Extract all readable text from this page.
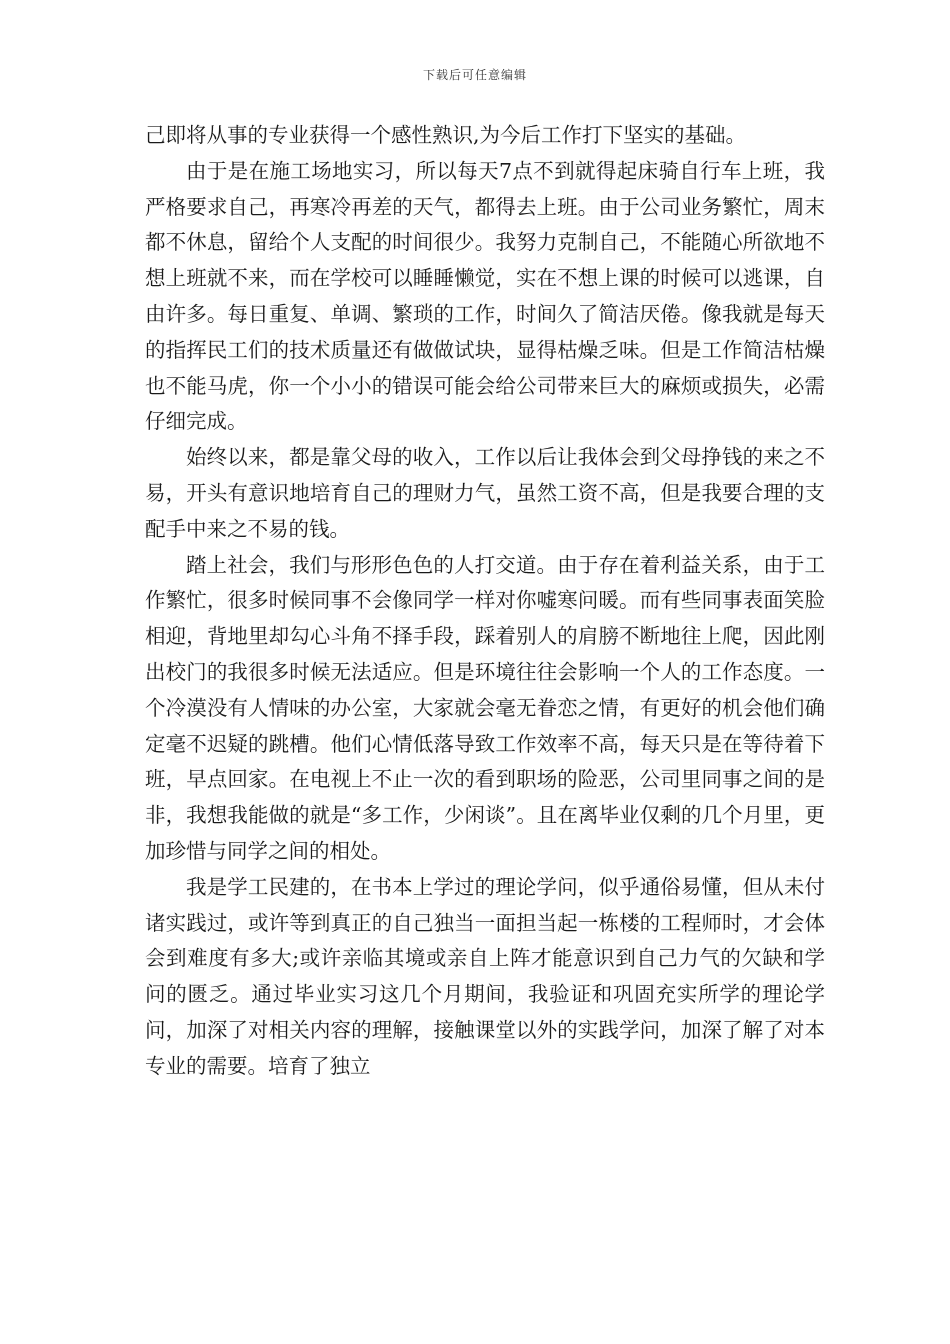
下载后可任意编辑

己即将从事的专业获得一个感性熟识,为今后工作打下坚实的基础。

由于是在施工场地实习，所以每天7点不到就得起床骑自行车上班，我严格要求自己，再寒冷再差的天气，都得去上班。由于公司业务繁忙，周末都不休息，留给个人支配的时间很少。我努力克制自己，不能随心所欲地不想上班就不来，而在学校可以睡睡懒觉，实在不想上课的时候可以逃课，自由许多。每日重复、单调、繁琐的工作，时间久了简洁厌倦。像我就是每天的指挥民工们的技术质量还有做做试块，显得枯燥乏味。但是工作简洁枯燥也不能马虎，你一个小小的错误可能会给公司带来巨大的麻烦或损失，必需仔细完成。

始终以来，都是靠父母的收入，工作以后让我体会到父母挣钱的来之不易，开头有意识地培育自己的理财力气，虽然工资不高，但是我要合理的支配手中来之不易的钱。

踏上社会，我们与形形色色的人打交道。由于存在着利益关系，由于工作繁忙，很多时候同事不会像同学一样对你嘘寒问暖。而有些同事表面笑脸相迎，背地里却勾心斗角不择手段，踩着别人的肩膀不断地往上爬，因此刚出校门的我很多时候无法适应。但是环境往往会影响一个人的工作态度。一个冷漠没有人情味的办公室，大家就会毫无眷恋之情，有更好的机会他们确定毫不迟疑的跳槽。他们心情低落导致工作效率不高，每天只是在等待着下班，早点回家。在电视上不止一次的看到职场的险恶，公司里同事之间的是非，我想我能做的就是“多工作，少闲谈”。且在离毕业仅剩的几个月里，更加珍惜与同学之间的相处。

我是学工民建的，在书本上学过的理论学问，似乎通俗易懂，但从未付诸实践过，或许等到真正的自己独当一面担当起一栋楼的工程师时，才会体会到难度有多大;或许亲临其境或亲自上阵才能意识到自己力气的欠缺和学问的匮乏。通过毕业实习这几个月期间，我验证和巩固充实所学的理论学问，加深了对相关内容的理解，接触课堂以外的实践学问，加深了解了对本专业的需要。培育了独立
